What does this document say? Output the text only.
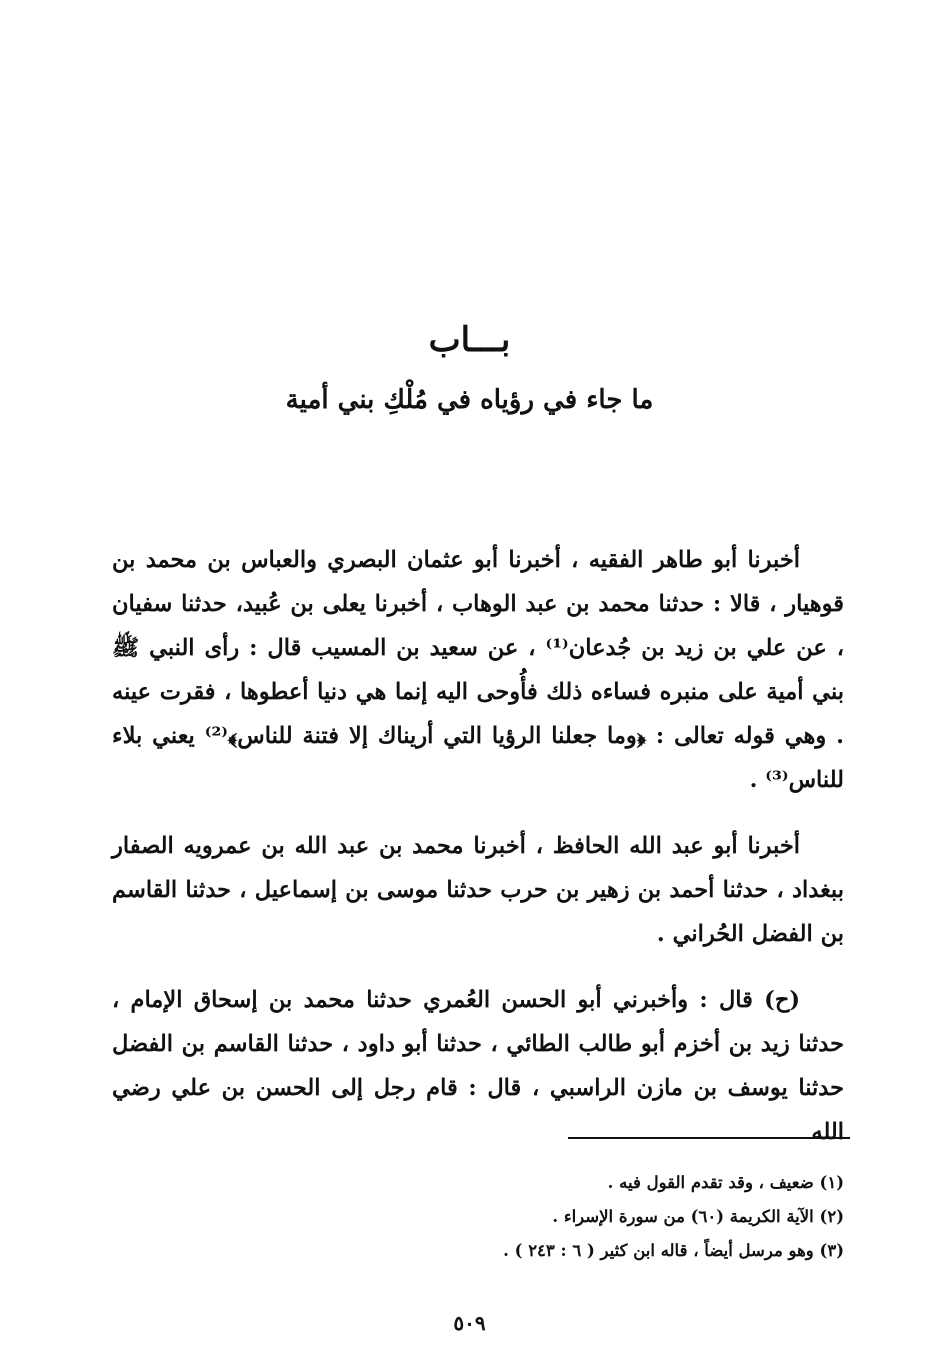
بـــاب
ما جاء في رؤياه في مُلْكِ بني أمية

أخبرنا أبو طاهر الفقيه ، أخبرنا أبو عثمان البصري والعباس بن محمد بن قوهيار ، قالا : حدثنا محمد بن عبد الوهاب ، أخبرنا يعلى بن عُبيد، حدثنا سفيان ، عن علي بن زيد بن جُدعان⁽¹⁾ ، عن سعيد بن المسيب قال : رأى النبي ﷺ بني أمية على منبره فساءه ذلك فأُوحى اليه إنما هي دنيا أعطوها ، فقرت عينه . وهي قوله تعالى : ﴿وما جعلنا الرؤيا التي أريناك إلا فتنة للناس﴾⁽²⁾ يعني بلاء للناس⁽³⁾ .

أخبرنا أبو عبد الله الحافظ ، أخبرنا محمد بن عبد الله بن عمرويه الصفار ببغداد ، حدثنا أحمد بن زهير بن حرب حدثنا موسى بن إسماعيل ، حدثنا القاسم بن الفضل الحُراني .

(ح) قال : وأخبرني أبو الحسن العُمري حدثنا محمد بن إسحاق الإمام ، حدثنا زيد بن أخزم أبو طالب الطائي ، حدثنا أبو داود ، حدثنا القاسم بن الفضل حدثنا يوسف بن مازن الراسبي ، قال : قام رجل إلى الحسن بن علي رضي الله

(١) ضعيف ، وقد تقدم القول فيه .

(٢) الآية الكريمة (٦٠) من سورة الإسراء .

(٣) وهو مرسل أيضاً ، قاله ابن كثير ( ٦ : ٢٤٣ ) .

٥٠٩
